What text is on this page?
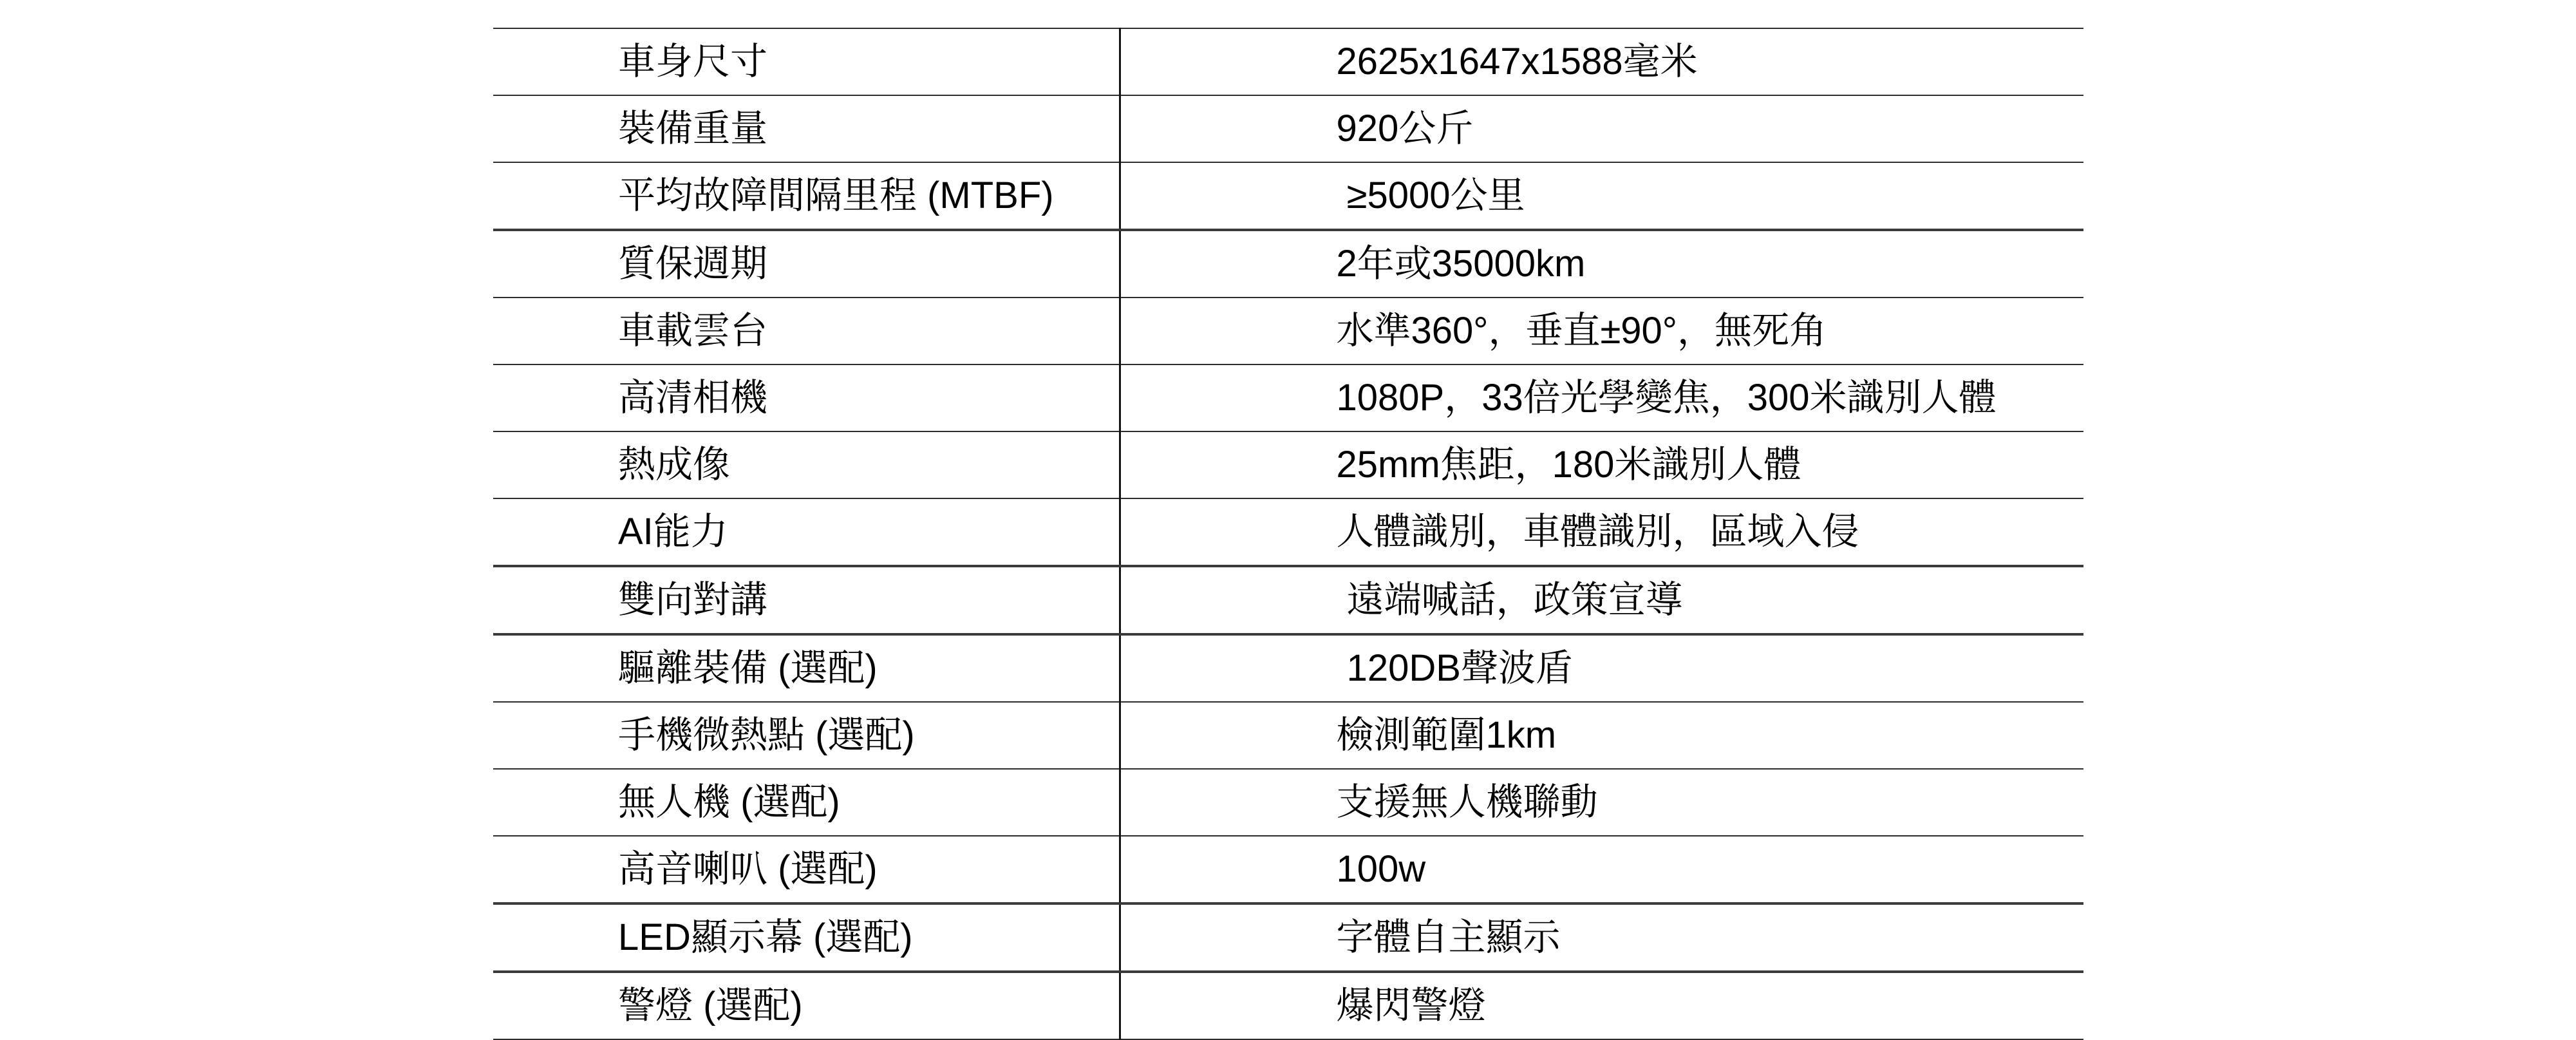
車身尺寸	2625x1647x1588毫米
裝備重量	920公斤
平均故障間隔里程 (MTBF)	≥5000公里
質保週期	2年或35000km
車載雲台	水準360°，垂直±90°，無死角
高清相機	1080P，33倍光學變焦，300米識別人體
熱成像	25mm焦距，180米識別人體
AI能力	人體識別，車體識別，區域入侵
雙向對講	遠端喊話，政策宣導
驅離裝備 (選配)	120DB聲波盾
手機微熱點 (選配)	檢測範圍1km
無人機 (選配)	支援無人機聯動
高音喇叭 (選配)	100w
LED顯示幕 (選配)	字體自主顯示
警燈 (選配)	爆閃警燈
